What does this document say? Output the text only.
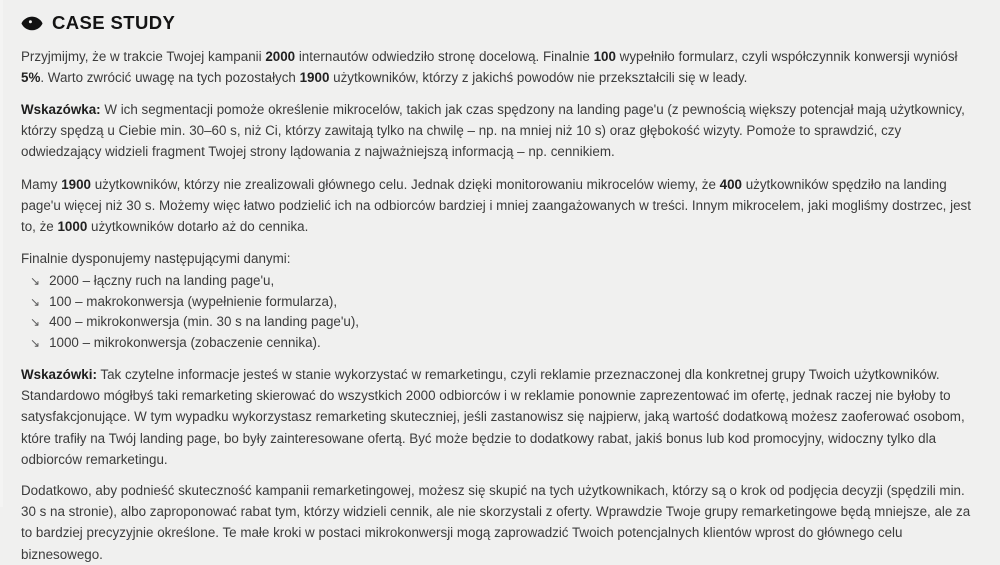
CASE STUDY

Przyjmijmy, że w trakcie Twojej kampanii 2000 internautów odwiedziło stronę docelową. Finalnie 100 wypełniło formularz, czyli współczynnik konwersji wyniósł 5%. Warto zwrócić uwagę na tych pozostałych 1900 użytkowników, którzy z jakichś powodów nie przekształcili się w leady.

Wskazówka: W ich segmentacji pomoże określenie mikrocelów, takich jak czas spędzony na landing page'u (z pewnością większy potencjał mają użytkownicy, którzy spędzą u Ciebie min. 30–60 s, niż Ci, którzy zawitają tylko na chwilę – np. na mniej niż 10 s) oraz głębokość wizyty. Pomoże to sprawdzić, czy odwiedzający widzieli fragment Twojej strony lądowania z najważniejszą informacją – np. cennikiem.

Mamy 1900 użytkowników, którzy nie zrealizowali głównego celu. Jednak dzięki monitorowaniu mikrocelów wiemy, że 400 użytkowników spędziło na landing page'u więcej niż 30 s. Możemy więc łatwo podzielić ich na odbiorców bardziej i mniej zaangażowanych w treści. Innym mikrocelem, jaki mogliśmy dostrzec, jest to, że 1000 użytkowników dotarło aż do cennika.

Finalnie dysponujemy następującymi danymi:

↘ 2000 – łączny ruch na landing page'u,
↘ 100 – makrokonwersja (wypełnienie formularza),
↘ 400 – mikrokonwersja (min. 30 s na landing page'u),
↘ 1000 – mikrokonwersja (zobaczenie cennika).

Wskazówki: Tak czytelne informacje jesteś w stanie wykorzystać w remarketingu, czyli reklamie przeznaczonej dla konkretnej grupy Twoich użytkowników. Standardowo mógłbyś taki remarketing skierować do wszystkich 2000 odbiorców i w reklamie ponownie zaprezentować im ofertę, jednak raczej nie byłoby to satysfakcjonujące. W tym wypadku wykorzystasz remarketing skuteczniej, jeśli zastanowisz się najpierw, jaką wartość dodatkową możesz zaoferować osobom, które trafiły na Twój landing page, bo były zainteresowane ofertą. Być może będzie to dodatkowy rabat, jakiś bonus lub kod promocyjny, widoczny tylko dla odbiorców remarketingu.

Dodatkowo, aby podnieść skuteczność kampanii remarketingowej, możesz się skupić na tych użytkownikach, którzy są o krok od podjęcia decyzji (spędzili min. 30 s na stronie), albo zaproponować rabat tym, którzy widzieli cennik, ale nie skorzystali z oferty. Wprawdzie Twoje grupy remarketingowe będą mniejsze, ale za to bardziej precyzyjnie określone. Te małe kroki w postaci mikrokonwersji mogą zaprowadzić Twoich potencjalnych klientów wprost do głównego celu biznesowego.
